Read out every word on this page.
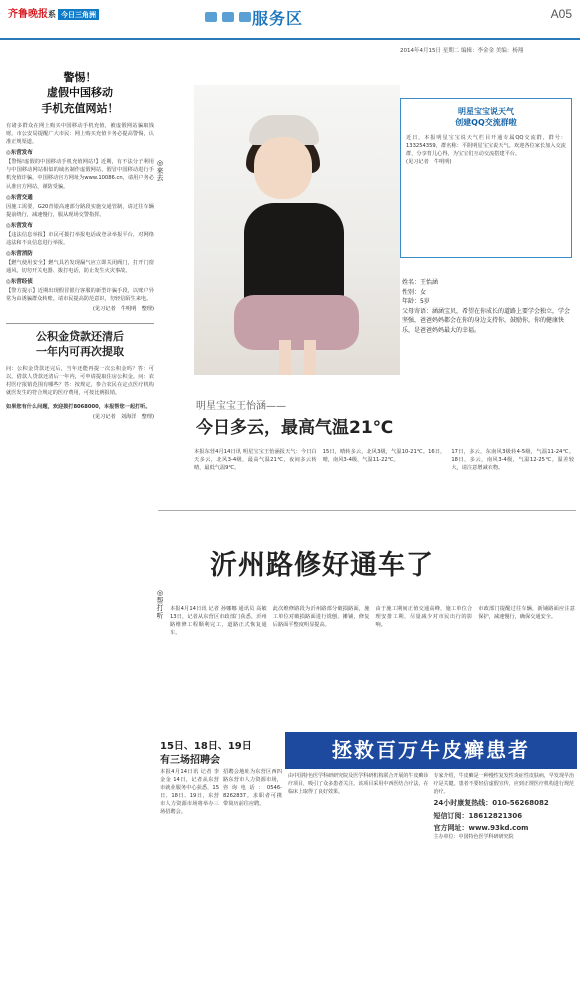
齐鲁晚报系 今日三角洲	服务区	A05
2014年4月15日 星期二 编辑：李金金 美编：杨翔
警惕！
虚假中国移动
手机充值网站！
有诸多群众在网上购买中国移动手机充值，被虚假网站骗取钱财。市公安局提醒广大市民：网上购买充值卡务必提高警惕，认准正规渠道。
◎东营发布
【警惕!虚假的中国移动手机充值网站!】近期，有不法分子利用与中国移动网站相似的域名制作虚假网站，假冒中国移动进行手机充值诈骗。中国移动官方网址为www.10086.cn，请用户务必认准官方网站，谨防受骗。
◎东营交通
因施工需要，G20青银高速部分路段实施交通管制，请过往车辆提前绕行，减速慢行，服从现场交警指挥。
◎东营发布
【违法信息举报】市民可拨打举报电话或登录举报平台，对网络违法和不良信息进行举报。
◎东营消防
【燃气使用安全】燃气具若发现漏气应立即关闭阀门，打开门窗通风，切勿开关电器、拨打电话，防止发生火灾事故。
◎东营经侦
【警方提示】近期出现假冒银行客服的新型诈骗手段，以账户异常为由诱骗群众转账。请市民提高防范意识，勿轻信陌生来电。
(见习记者　牛明明　整理)
公积金贷款还清后
一年内可再次提取
问：公积金贷款还完后，当年还能再提一次公积金吗？答：可以。借款人贷款还清后一年内，可申请提取住房公积金。问：农村医疗报销范围有哪些？答：按规定，参合农民在定点医疗机构就医发生的符合规定的医疗费用，可按比例报销。
如果您有什么问题，欢迎拨打8068000，本报帮您一起打听。
(见习记者　刘海洋　整理)
◎来去
◎帮打听
明星宝宝说天气
创建QQ交流群啦
近日，本报明星宝宝说天气栏目开通专属QQ交流群，群号：133254359，群名称：平阴明星宝宝说天气。欢迎各位家长加入交流群，分享育儿心得，为宝宝们互动交流搭建平台。
(见习记者　牛明明)
姓名：王怡涵
性别：女
年龄：5岁
父母寄语：涵涵宝贝，希望在你成长的道路上要学会独立，学会坚强，爸爸妈妈都会在你的身边支持你，鼓励你，你的健康快乐，是爸爸妈妈最大的幸福。
明星宝宝王怡涵——
今日多云，最高气温21℃
本报东营4月14日讯 明星宝宝王怡涵报天气：今日白天多云，北风3-4级，最高气温21℃，夜间多云转晴，最低气温9℃。
15日，晴转多云，北风3级，气温10-21℃。16日，晴，南风3-4级，气温11-22℃。
17日，多云，东南风3级转4-5级，气温11-24℃。18日，多云，南风3-4级，气温12-25℃。温差较大，请注意增减衣物。
沂州路修好通车了
本报4月14日讯 记者 孙娜娜 通讯员 高敏 13日，记者从东营区市政部门获悉，沂州路维修工程顺利完工，道路正式恢复通车。
此次维修路段为沂州路部分破损路面，施工单位对破损路面进行铣刨、摊铺，修复后路面平整度明显提高。
由于施工期间正值交通高峰，施工单位合理安排工期，尽量减少对市民出行的影响。
市政部门提醒过往车辆，新铺路面应注意保护，减速慢行，确保交通安全。
15日、18日、19日
有三场招聘会
本报4月14日讯 记者 李金金 14日，记者从东营市就业服务中心获悉，15日、18日、19日，东营市人力资源市场将举办三场招聘会。
招聘会地址为东营区西四路东营市人力资源市场，咨询电话：0546-8262837。求职者可携带简历前往应聘。
拯救百万牛皮癣患者
由中国特色医学科研研究院及医学科研机构联合开展的牛皮癣诊疗项目，吸引了众多患者关注。该项目采用中西医结合疗法，在临床上取得了良好效果。
专家介绍，牛皮癣是一种慢性复发性炎症性皮肤病，早发现早治疗是关键。患者不要轻信虚假宣传，应到正规医疗机构进行规范治疗。
24小时康复热线：010-56268082
短信订阅：18612821306
官方网址：www.93kd.com
主办单位：中国特色医学科研研究院
